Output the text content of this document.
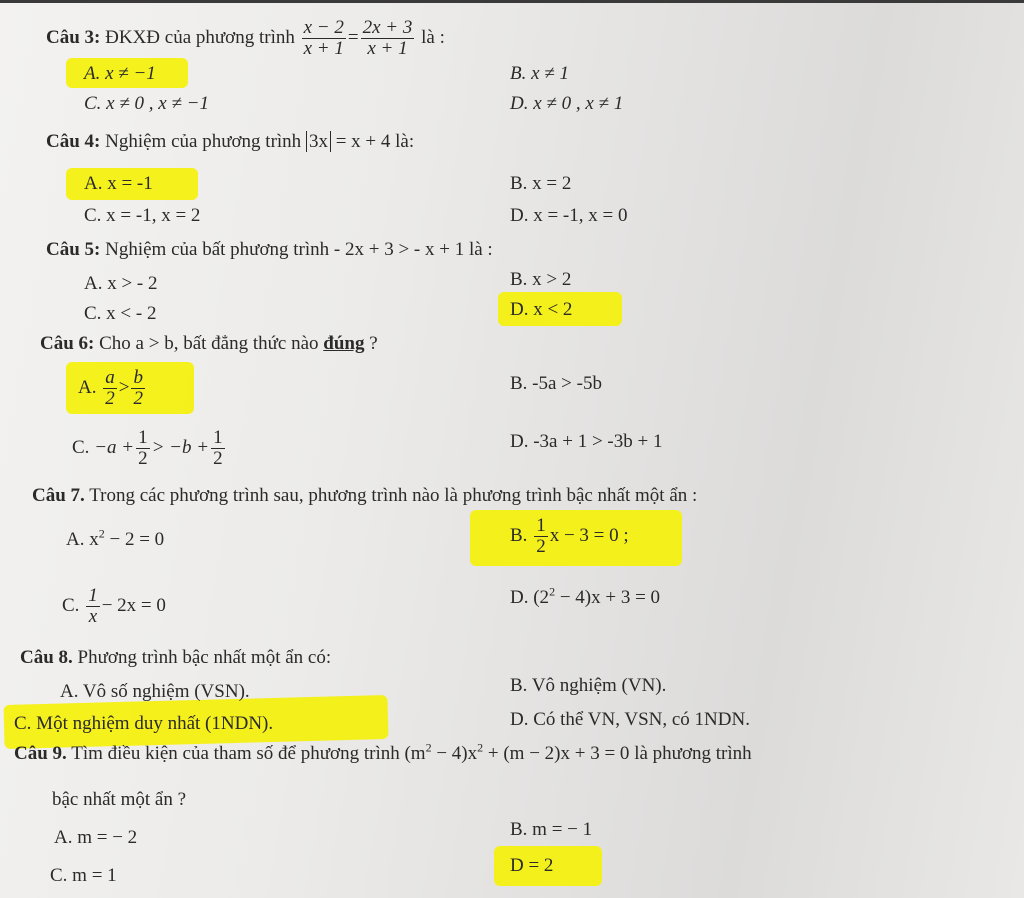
Câu 3: ĐKXĐ của phương trình $\frac{x - 2}{x + 1} = \frac{2x + 3}{x + 1}$ là :
A. x ≠ −1	B. x ≠ 1
C. x ≠ 0 , x ≠ −1	D. x ≠ 0 , x ≠ 1
Câu 4: Nghiệm của phương trình 3x = x + 4 là:
A. x = -1	B. x = 2
C. x = -1, x = 2	D. x = -1, x = 0
Câu 5: Nghiệm của bất phương trình - 2x + 3 > - x + 1 là :
A. x > - 2	B. x > 2
C. x < - 2	D. x < 2
Câu 6: Cho a > b, bất đẳng thức nào đúng ?
A. $\frac{a}{2} > \frac{b}{2}$	B. -5a > -5b
C. $-a + \frac{1}{2} > -b + \frac{1}{2}$	D. -3a + 1 > -3b + 1
Câu 7. Trong các phương trình sau, phương trình nào là phương trình bậc nhất một ẩn :
A. $x^2 - 2 = 0$	B. $\frac{1}{2}$ x − 3 = 0 ;
C. $\frac{1}{x} - 2x = 0$	D. $(2^2 - 4)x + 3 = 0$
Câu 8. Phương trình bậc nhất một ẩn có:
A. Vô số nghiệm (VSN).	B. Vô nghiệm (VN).
C. Một nghiệm duy nhất (1NDN).	D. Có thể VN, VSN, có 1NDN.
Câu 9. Tìm điều kiện của tham số để phương trình $(m^2 - 4)x^2 + (m - 2)x + 3 = 0$ là phương trình
bậc nhất một ẩn ?
A. m = − 2	B. m = − 1
C. m = 1	D = 2
